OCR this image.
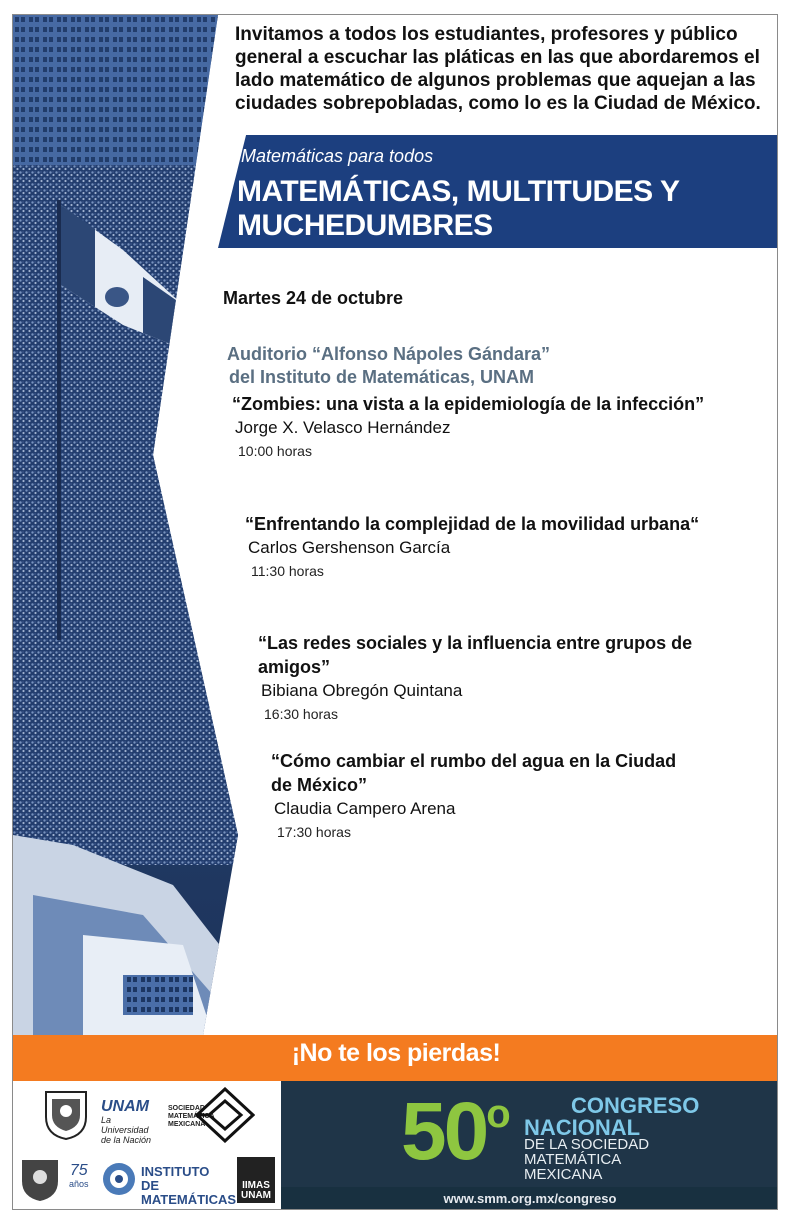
Invitamos a todos los estudiantes, profesores y público general a escuchar las pláticas en las que abordaremos el lado matemático de algunos problemas que aquejan a las ciudades sobrepobladas, como lo es la Ciudad de México.
Matemáticas para todos
MATEMÁTICAS, MULTITUDES Y MUCHEDUMBRES
Martes 24 de octubre
Auditorio “Alfonso Nápoles Gándara”
del Instituto de Matemáticas, UNAM
“Zombies: una vista a la epidemiología de la infección”
Jorge X. Velasco Hernández
10:00 horas
“Enfrentando la complejidad de la movilidad urbana“
Carlos Gershenson García
11:30 horas
“Las redes sociales y la influencia entre grupos de amigos”
Bibiana Obregón Quintana
16:30 horas
“Cómo cambiar el rumbo del agua en la Ciudad de México”
Claudia Campero Arena
17:30 horas
¡No te los pierdas!
UNAM
La Universidad de la Nación
SOCIEDAD MATEMÁTICA MEXICANA
75
años
INSTITUTO DE MATEMÁTICAS
IIMAS UNAM
50$^o$	CONGRESO
NACIONAL
DE LA SOCIEDAD
MATEMÁTICA
MEXICANA
www.smm.org.mx/congreso
